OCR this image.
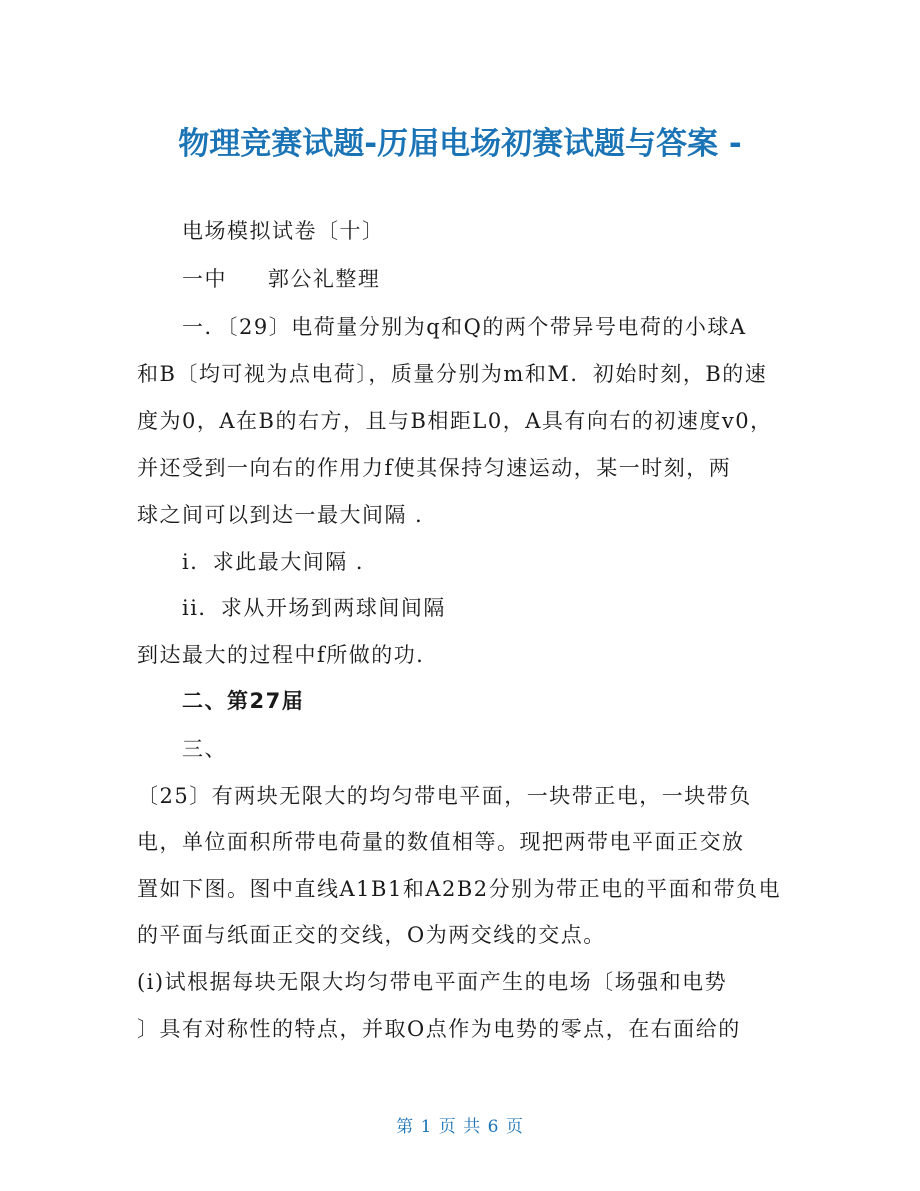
物理竞赛试题-历届电场初赛试题与答案 -
电场模拟试卷〔十〕
一中     郭公礼整理
一．〔29〕电荷量分别为q和Q的两个带异号电荷的小球A
和B〔均可视为点电荷〕，质量分别为m和M．初始时刻，B的速
度为0，A在B的右方，且与B相距L0，A具有向右的初速度v0，
并还受到一向右的作用力f使其保持匀速运动，某一时刻，两
球之间可以到达一最大间隔 ．
i．求此最大间隔 ．
ii．求从开场到两球间间隔
到达最大的过程中f所做的功．
二、第27届
三、
〔25〕有两块无限大的均匀带电平面，一块带正电，一块带负
电，单位面积所带电荷量的数值相等。现把两带电平面正交放
置如下图。图中直线A1B1和A2B2分别为带正电的平面和带负电
的平面与纸面正交的交线，O为两交线的交点。
(i)试根据每块无限大均匀带电平面产生的电场〔场强和电势
〕具有对称性的特点，并取O点作为电势的零点，在右面给的
第 1 页 共 6 页
